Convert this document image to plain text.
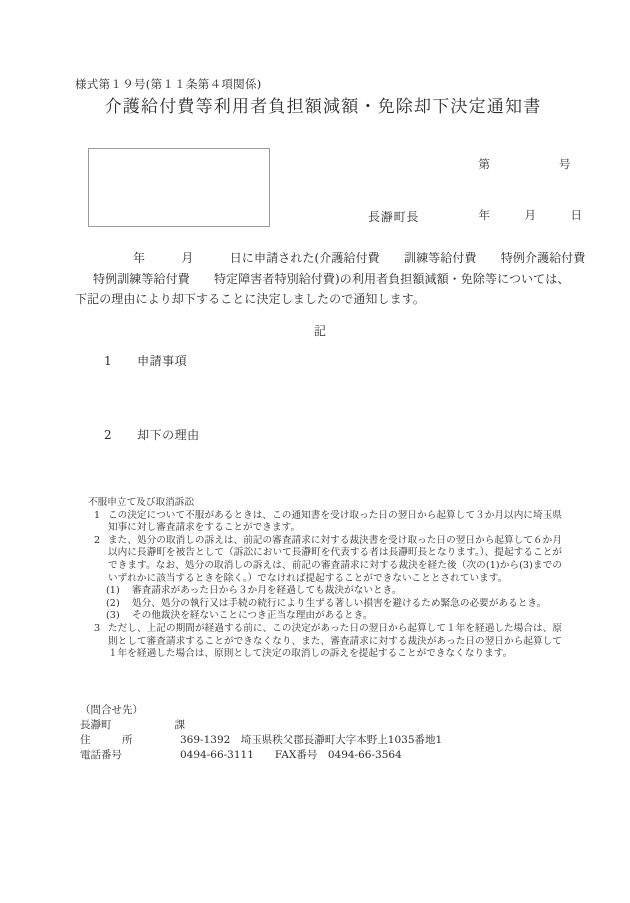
様式第１９号(第１１条第４項関係)
介護給付費等利用者負担額減額・免除却下決定通知書

第　　　　　　号

年　　　月　　　日

長瀞町長
年　　　月　　　日に申請された(介護給付費　　訓練等給付費　　特例介護給付費
特例訓練等給付費　　特定障害者特別給付費)の利用者負担額減額・免除等については、
下記の理由により却下することに決定しましたので通知します。
記
1　　 申請事項
2　　 却下の理由
不服申立て及び取消訴訟
1 この決定について不服があるときは、この通知書を受け取った日の翌日から起算して３か月以内に埼玉県知事に対し審査請求をすることができます。
2 また、処分の取消しの訴えは、前記の審査請求に対する裁決書を受け取った日の翌日から起算して６か月以内に長瀞町を被告として（訴訟において長瀞町を代表する者は長瀞町長となります。）、提起することができます。なお、処分の取消しの訴えは、前記の審査請求に対する裁決を経た後（次の(1)から(3)までのいずれかに該当するときを除く。）でなければ提起することができないこととされています。
(1)	審査請求があった日から３か月を経過しても裁決がないとき。
(2)	処分、処分の執行又は手続の続行により生ずる著しい損害を避けるため緊急の必要があるとき。
(3)	その他裁決を経ないことにつき正当な理由があるとき。
3 ただし、上記の期間が経過する前に、この決定があった日の翌日から起算して１年を経過した場合は、原則として審査請求することができなくなり、また、審査請求に対する裁決があった日の翌日から起算して１年を経過した場合は、原則として決定の取消しの訴えを提起することができなくなります。
（問合せ先）
長瀞町　　　　　　課
住　　　所	369-1392　埼玉県秩父郡長瀞町大字本野上1035番地1
電話番号	0494-66-3111　　FAX番号　0494-66-3564
